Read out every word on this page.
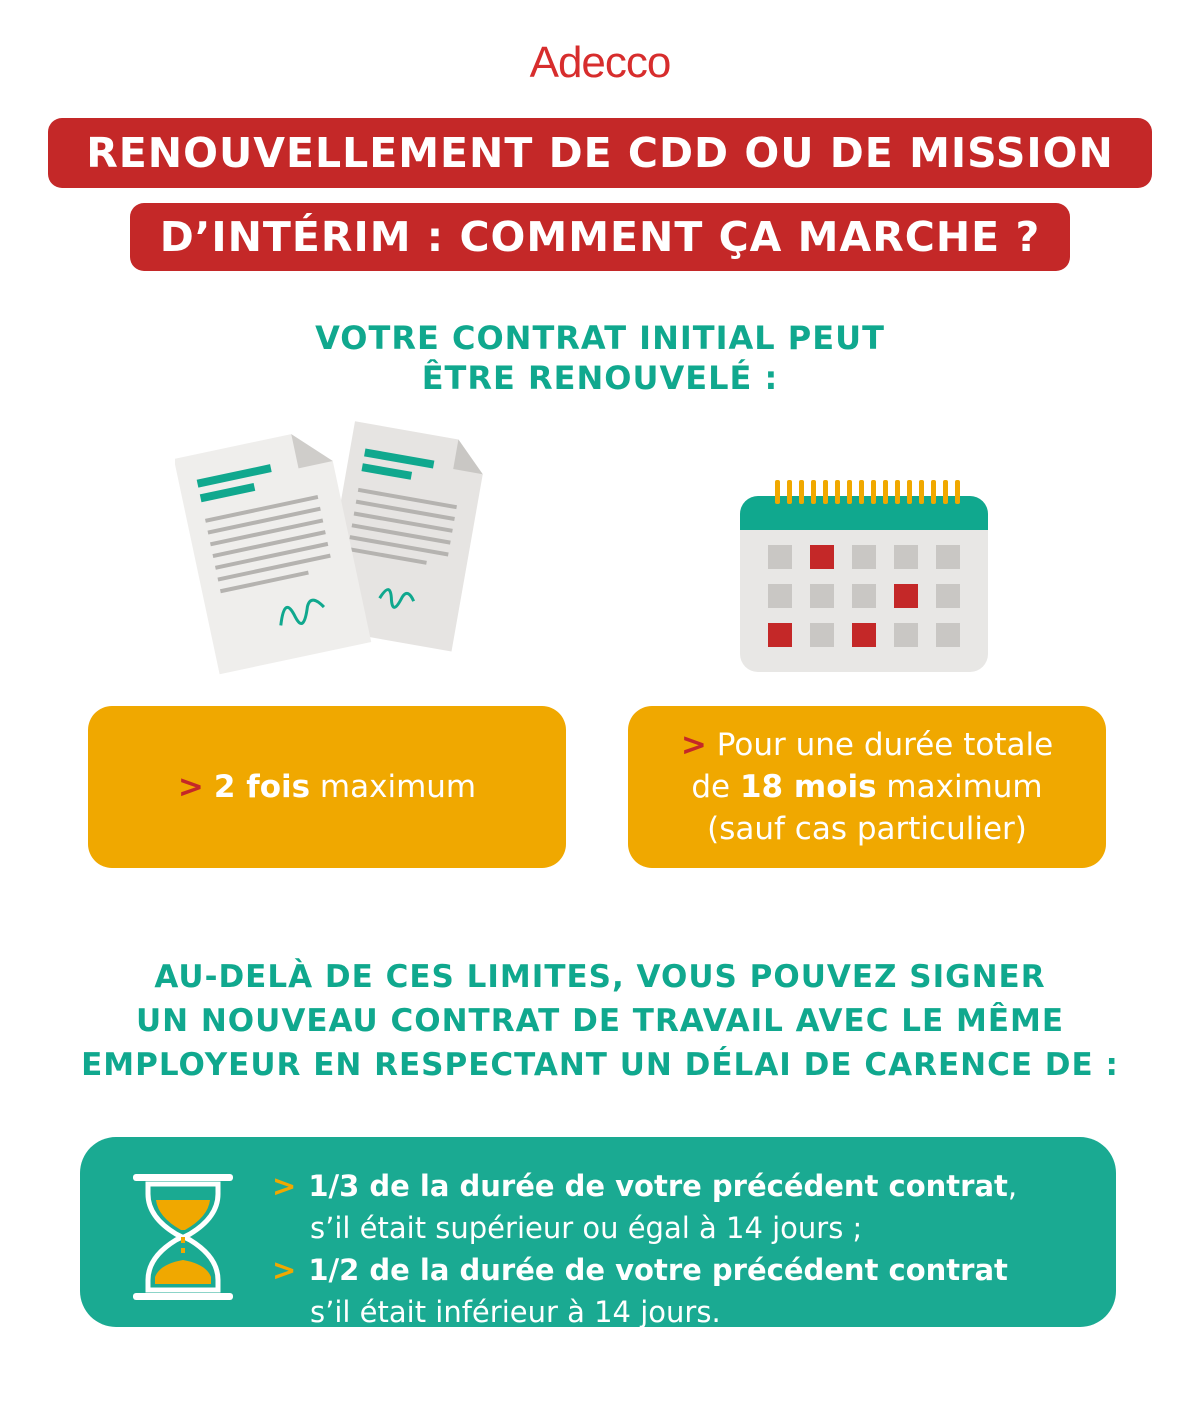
Adecco
RENOUVELLEMENT DE CDD OU DE MISSION
D’INTÉRIM : COMMENT ÇA MARCHE ?
VOTRE CONTRAT INITIAL PEUT
ÊTRE RENOUVELÉ :
> 2 fois maximum
> Pour une durée totale
de 18 mois maximum
(sauf cas particulier)
AU-DELÀ DE CES LIMITES, VOUS POUVEZ SIGNER
UN NOUVEAU CONTRAT DE TRAVAIL AVEC LE MÊME
EMPLOYEUR EN RESPECTANT UN DÉLAI DE CARENCE DE :
> 1/3 de la durée de votre précédent contrat,
s’il était supérieur ou égal à 14 jours ;
> 1/2 de la durée de votre précédent contrat
s’il était inférieur à 14 jours.
